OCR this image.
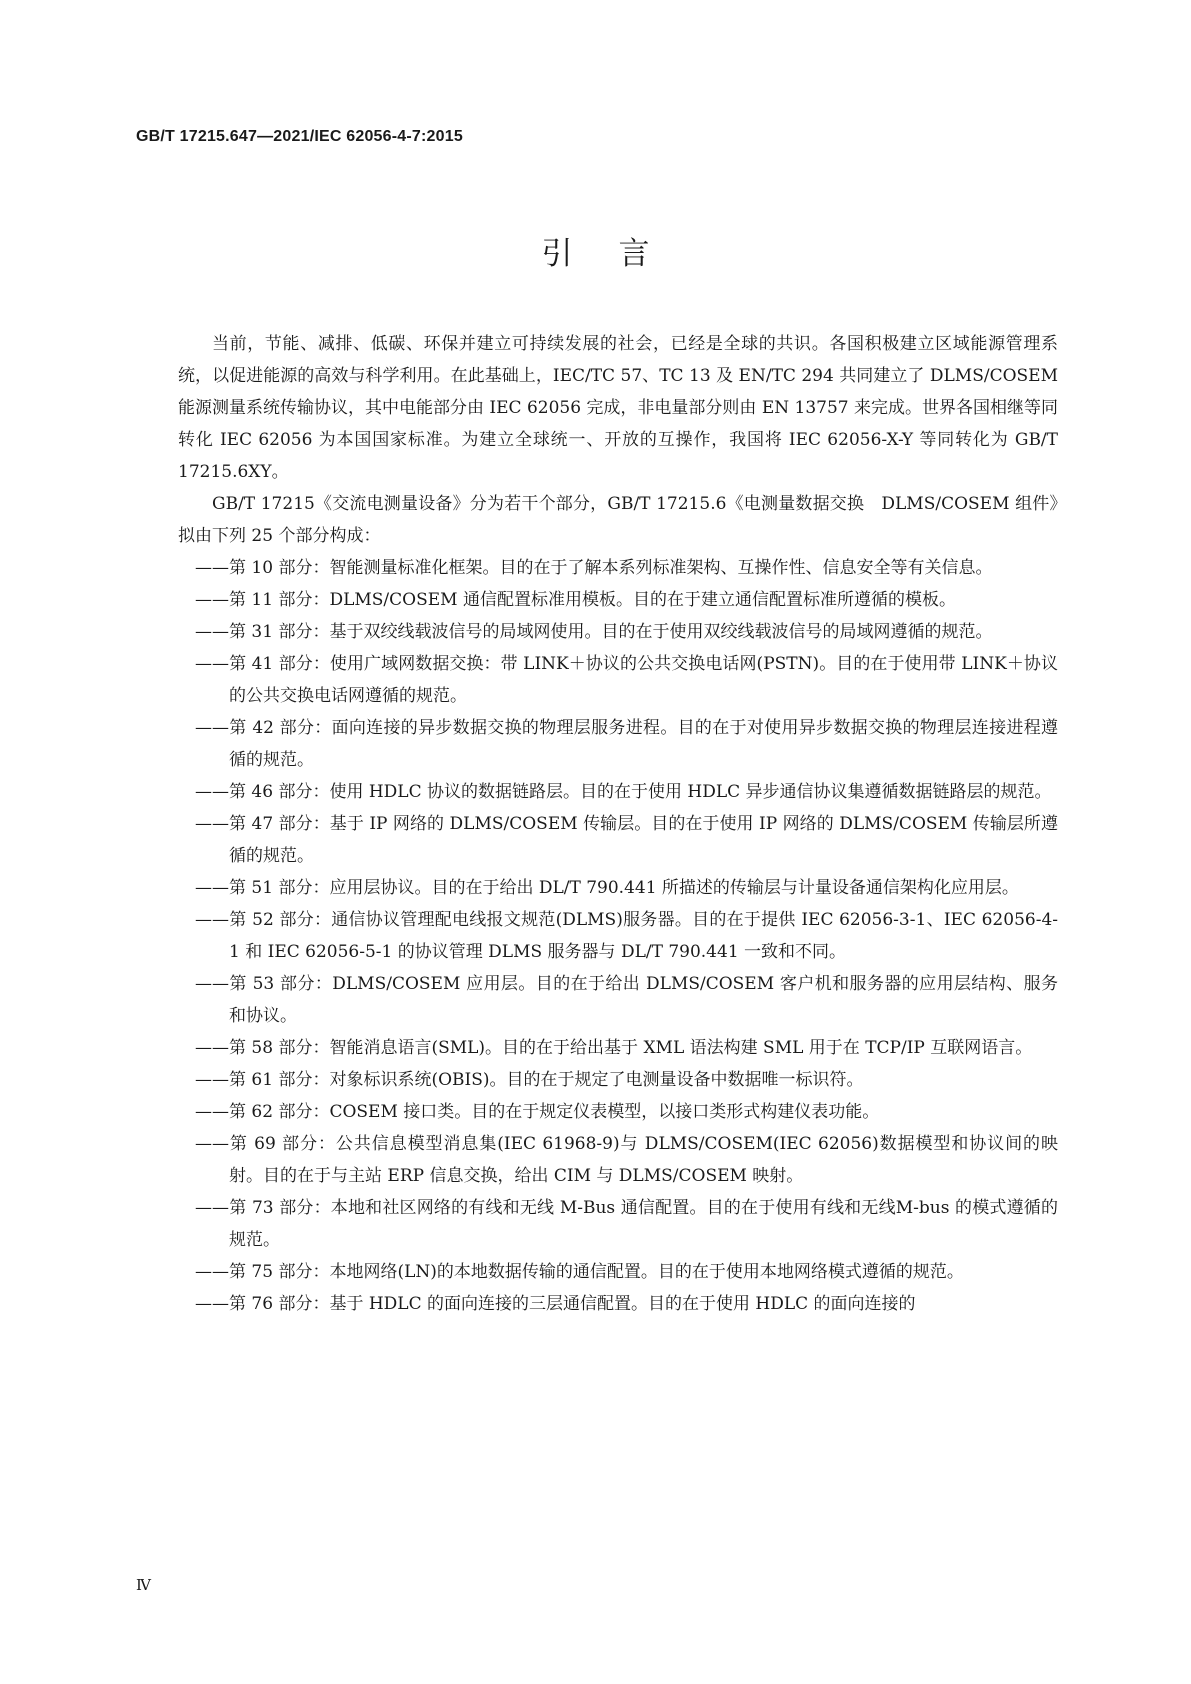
GB/T 17215.647—2021/IEC 62056-4-7:2015
引言

当前，节能、减排、低碳、环保并建立可持续发展的社会，已经是全球的共识。各国积极建立区域能源管理系统，以促进能源的高效与科学利用。在此基础上，IEC/TC 57、TC 13 及 EN/TC 294 共同建立了 DLMS/COSEM 能源测量系统传输协议，其中电能部分由 IEC 62056 完成，非电量部分则由 EN 13757 来完成。世界各国相继等同转化 IEC 62056 为本国国家标准。为建立全球统一、开放的互操作，我国将 IEC 62056-X-Y 等同转化为 GB/T 17215.6XY。

GB/T 17215《交流电测量设备》分为若干个部分，GB/T 17215.6《电测量数据交换　DLMS/COSEM 组件》拟由下列 25 个部分构成：

——第 10 部分：智能测量标准化框架。目的在于了解本系列标准架构、互操作性、信息安全等有关信息。
——第 11 部分：DLMS/COSEM 通信配置标准用模板。目的在于建立通信配置标准所遵循的模板。
——第 31 部分：基于双绞线载波信号的局域网使用。目的在于使用双绞线载波信号的局域网遵循的规范。
——第 41 部分：使用广域网数据交换：带 LINK＋协议的公共交换电话网(PSTN)。目的在于使用带 LINK＋协议的公共交换电话网遵循的规范。
——第 42 部分：面向连接的异步数据交换的物理层服务进程。目的在于对使用异步数据交换的物理层连接进程遵循的规范。
——第 46 部分：使用 HDLC 协议的数据链路层。目的在于使用 HDLC 异步通信协议集遵循数据链路层的规范。
——第 47 部分：基于 IP 网络的 DLMS/COSEM 传输层。目的在于使用 IP 网络的 DLMS/COSEM 传输层所遵循的规范。
——第 51 部分：应用层协议。目的在于给出 DL/T 790.441 所描述的传输层与计量设备通信架构化应用层。
——第 52 部分：通信协议管理配电线报文规范(DLMS)服务器。目的在于提供 IEC 62056-3-1、IEC 62056-4-1 和 IEC 62056-5-1 的协议管理 DLMS 服务器与 DL/T 790.441 一致和不同。
——第 53 部分：DLMS/COSEM 应用层。目的在于给出 DLMS/COSEM 客户机和服务器的应用层结构、服务和协议。
——第 58 部分：智能消息语言(SML)。目的在于给出基于 XML 语法构建 SML 用于在 TCP/IP 互联网语言。
——第 61 部分：对象标识系统(OBIS)。目的在于规定了电测量设备中数据唯一标识符。
——第 62 部分：COSEM 接口类。目的在于规定仪表模型，以接口类形式构建仪表功能。
——第 69 部分：公共信息模型消息集(IEC 61968-9)与 DLMS/COSEM(IEC 62056)数据模型和协议间的映射。目的在于与主站 ERP 信息交换，给出 CIM 与 DLMS/COSEM 映射。
——第 73 部分：本地和社区网络的有线和无线 M-Bus 通信配置。目的在于使用有线和无线M-bus 的模式遵循的规范。
——第 75 部分：本地网络(LN)的本地数据传输的通信配置。目的在于使用本地网络模式遵循的规范。
——第 76 部分：基于 HDLC 的面向连接的三层通信配置。目的在于使用 HDLC 的面向连接的
Ⅳ
